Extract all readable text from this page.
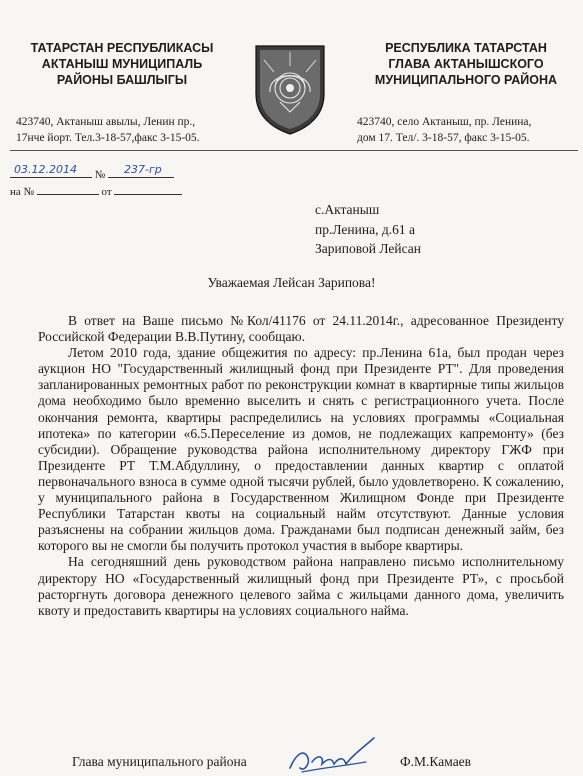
ТАТАРСТАН РЕСПУБЛИКАСЫ
АКТАНЫШ МУНИЦИПАЛЬ
РАЙОНЫ БАШЛЫГЫ
РЕСПУБЛИКА ТАТАРСТАН
ГЛАВА АКТАНЫШСКОГО
МУНИЦИПАЛЬНОГО РАЙОНА
423740, Актаныш авылы, Ленин пр.,
17нче йорт. Тел.3-18-57,факс 3-15-05.
423740, село Актаныш, пр. Ленина,
дом 17. Тел/. 3-18-57, факс 3-15-05.
№
03.12.2014	237-гр
на №	от
с.Актаныш
пр.Ленина, д.61 а
Зариповой Лейсан
Уважаемая Лейсан Зарипова!

В ответ на Ваше письмо №Кол/41176 от 24.11.2014г., адресованное Президенту Российской Федерации В.В.Путину, сообщаю.

Летом 2010 года, здание общежития по адресу: пр.Ленина 61а, был продан через аукцион НО "Государственный жилищный фонд при Президенте РТ". Для проведения запланированных ремонтных работ по реконструкции комнат в квартирные типы жильцов дома необходимо было временно выселить и снять с регистрационного учета. После окончания ремонта, квартиры распределились на условиях программы «Социальная ипотека» по категории «6.5.Переселение из домов, не подлежащих капремонту» (без субсидии). Обращение руководства района исполнительному директору ГЖФ при Президенте РТ Т.М.Абдуллину, о предоставлении данных квартир с оплатой первоначального взноса в сумме одной тысячи рублей, было удовлетворено. К сожалению, у муниципального района в Государственном Жилищном Фонде при Президенте Республики Татарстан квоты на социальный найм отсутствуют. Данные условия разъяснены на собрании жильцов дома. Гражданами был подписан денежный займ, без которого вы не смогли бы получить протокол участия в выборе квартиры.

На сегодняшний день руководством района направлено письмо исполнительному директору НО «Государственный жилищный фонд при Президенте РТ», с просьбой расторгнуть договора денежного целевого займа с жильцами данного дома, увеличить квоту и предоставить квартиры на условиях социального найма.

Глава муниципального района	Ф.М.Камаев
